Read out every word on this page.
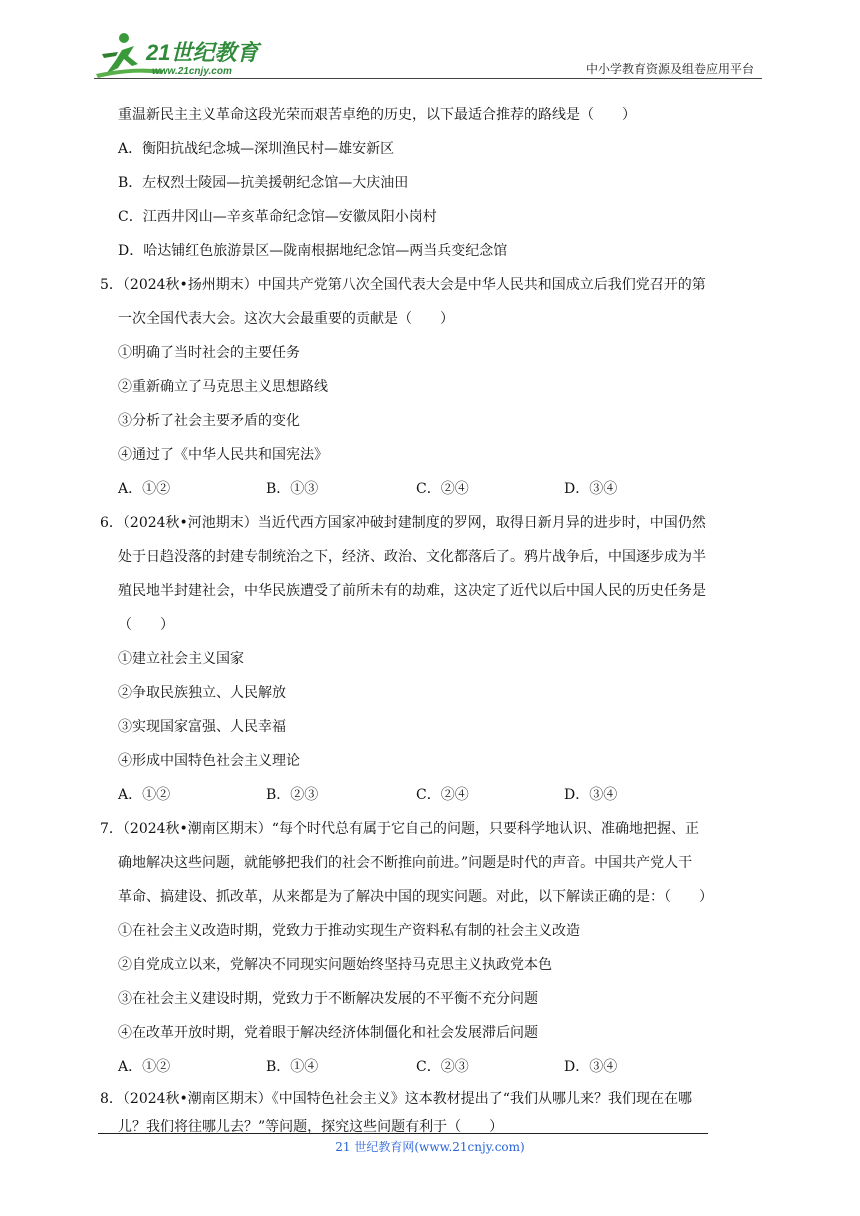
21世纪教育
www.21cnjy.com	中小学教育资源及组卷应用平台
重温新民主主义革命这段光荣而艰苦卓绝的历史，以下最适合推荐的路线是（　　）
A．衡阳抗战纪念城—深圳渔民村—雄安新区
B．左权烈士陵园—抗美援朝纪念馆—大庆油田
C．江西井冈山—辛亥革命纪念馆—安徽凤阳小岗村
D．哈达铺红色旅游景区—陇南根据地纪念馆—两当兵变纪念馆
5．（2024秋•扬州期末）中国共产党第八次全国代表大会是中华人民共和国成立后我们党召开的第
一次全国代表大会。这次大会最重要的贡献是（　　）
①明确了当时社会的主要任务
②重新确立了马克思主义思想路线
③分析了社会主要矛盾的变化
④通过了《中华人民共和国宪法》
A．①②	B．①③	C．②④	D．③④
6．（2024秋•河池期末）当近代西方国家冲破封建制度的罗网，取得日新月异的进步时，中国仍然
处于日趋没落的封建专制统治之下，经济、政治、文化都落后了。鸦片战争后，中国逐步成为半
殖民地半封建社会，中华民族遭受了前所未有的劫难，这决定了近代以后中国人民的历史任务是
（　　）
①建立社会主义国家
②争取民族独立、人民解放
③实现国家富强、人民幸福
④形成中国特色社会主义理论
A．①②	B．②③	C．②④	D．③④
7．（2024秋•潮南区期末）“每个时代总有属于它自己的问题，只要科学地认识、准确地把握、正
确地解决这些问题，就能够把我们的社会不断推向前进。”问题是时代的声音。中国共产党人干
革命、搞建设、抓改革，从来都是为了解决中国的现实问题。对此，以下解读正确的是：（　　）
①在社会主义改造时期，党致力于推动实现生产资料私有制的社会主义改造
②自党成立以来，党解决不同现实问题始终坚持马克思主义执政党本色
③在社会主义建设时期，党致力于不断解决发展的不平衡不充分问题
④在改革开放时期，党着眼于解决经济体制僵化和社会发展滞后问题
A．①②	B．①④	C．②③	D．③④
8．（2024秋•潮南区期末）《中国特色社会主义》这本教材提出了“我们从哪儿来？我们现在在哪
儿？我们将往哪儿去？”等问题，探究这些问题有利于（　　）
21 世纪教育网(www.21cnjy.com)
